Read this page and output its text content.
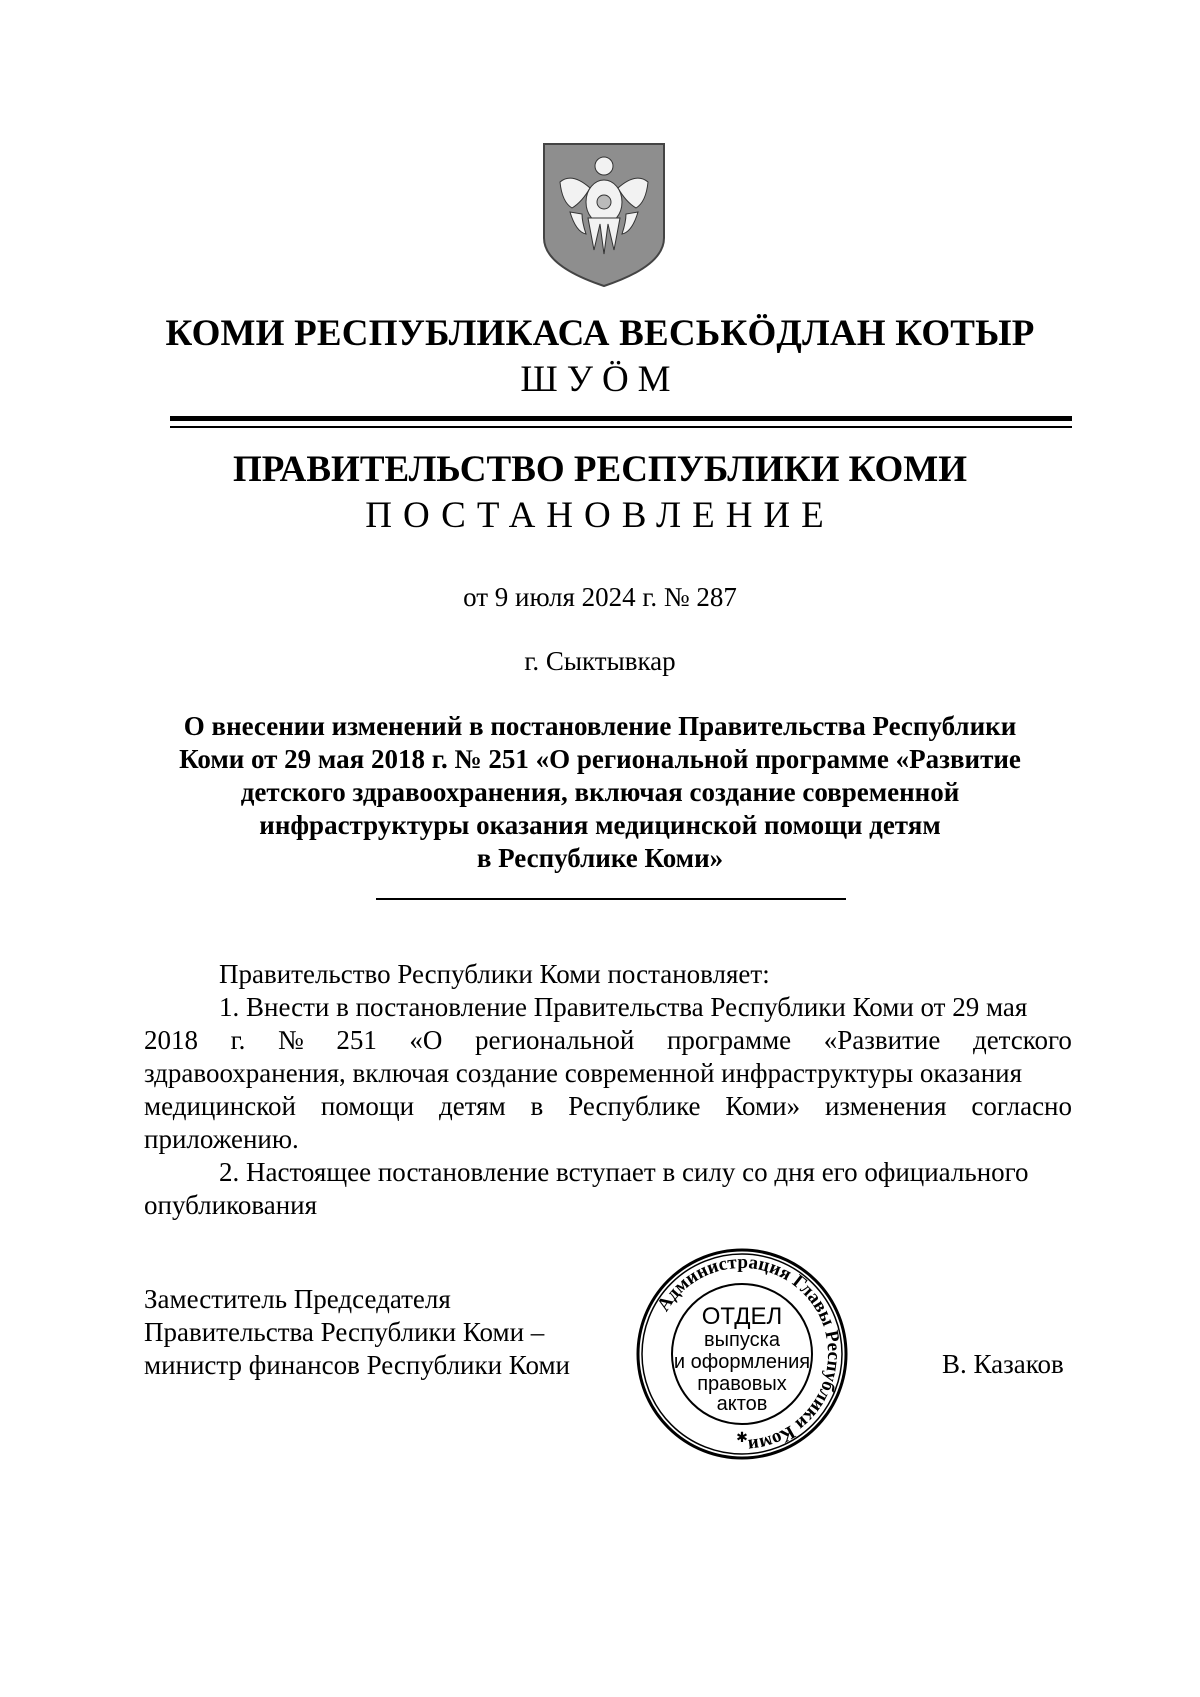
КОМИ РЕСПУБЛИКАСА ВЕСЬКӦДЛАН КОТЫР
ШУӦМ
ПРАВИТЕЛЬСТВО РЕСПУБЛИКИ КОМИ
ПОСТАНОВЛЕНИЕ
от 9 июля 2024 г. № 287
г. Сыктывкар
О внесении изменений в постановление Правительства Республики
Коми от 29 мая 2018 г. № 251 «О региональной программе «Развитие
детского здравоохранения, включая создание современной
инфраструктуры оказания медицинской помощи детям
в Республике Коми»
Правительство Республики Коми постановляет:
1. Внести в постановление Правительства Республики Коми от 29 мая
2018 г. № 251 «О региональной программе «Развитие детского
здравоохранения, включая создание современной инфраструктуры оказания
медицинской помощи детям в Республике Коми» изменения согласно
приложению.
2. Настоящее постановление вступает в силу со дня его официального
опубликования
Заместитель Председателя
Правительства Республики Коми –
министр финансов Республики Коми	В. Казаков
Администрация Главы Республики Коми
ОТДЕЛ
выпуска
и оформления
правовых
актов
✱
